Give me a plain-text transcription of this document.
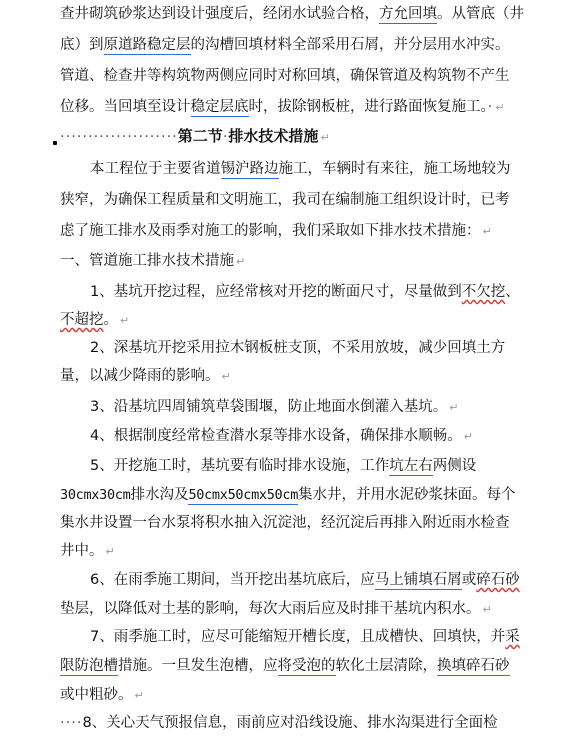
查井砌筑砂浆达到设计强度后，经闭水试验合格，方允回填。从管底（井
底）到原道路稳定层的沟槽回填材料全部采用石屑，并分层用水冲实。
管道、检查井等构筑物两侧应同时对称回填，确保管道及构筑物不产生
位移。当回填至设计稳定层底时，拔除钢板桩，进行路面恢复施工。· ↵
·····················第二节·排水技术措施 ↵
本工程位于主要省道锡沪路边施工，车辆时有来往，施工场地较为
狭窄，为确保工程质量和文明施工，我司在编制施工组织设计时，已考
虑了施工排水及雨季对施工的影响，我们采取如下排水技术措施： ↵
一、管道施工排水技术措施 ↵
1、基坑开挖过程，应经常核对开挖的断面尺寸，尽量做到不欠挖、
不超挖。 ↵
2、深基坑开挖采用拉木钢板桩支顶，不采用放坡，减少回填土方
量，以减少降雨的影响。 ↵
3、沿基坑四周铺筑草袋围堰，防止地面水倒灌入基坑。 ↵
4、根据制度经常检查潜水泵等排水设备，确保排水顺畅。 ↵
5、开挖施工时，基坑要有临时排水设施，工作坑左右两侧设
30cmx30cm排水沟及50cmx50cmx50cm集水井，并用水泥砂浆抹面。每个
集水井设置一台水泵将积水抽入沉淀池，经沉淀后再排入附近雨水检查
井中。 ↵
6、在雨季施工期间，当开挖出基坑底后，应马上铺填石屑或碎石砂
垫层，以降低对土基的影响，每次大雨后应及时排干基坑内积水。 ↵
7、雨季施工时，应尽可能缩短开槽长度，且成槽快、回填快，并采
限防泡槽措施。一旦发生泡槽，应将受泡的软化土层清除，换填碎石砂
或中粗砂。 ↵
····8、关心天气预报信息，雨前应对沿线设施、排水沟渠进行全面检
